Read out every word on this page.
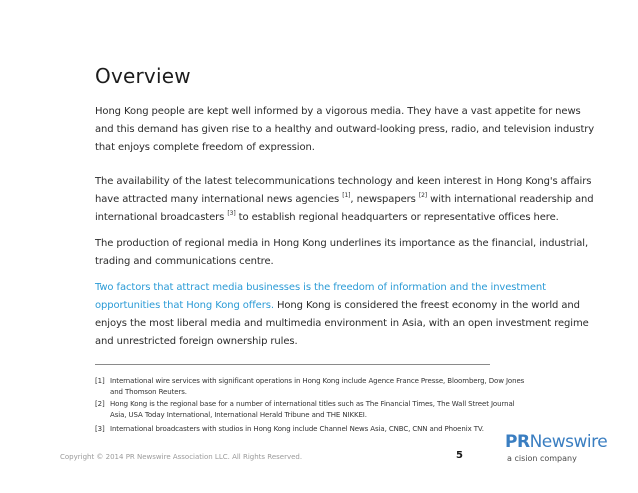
Overview
Hong Kong people are kept well informed by a vigorous media. They have a vast appetite for news and this demand has given rise to a healthy and outward-looking press, radio, and television industry that enjoys complete freedom of expression.
The availability of the latest telecommunications technology and keen interest in Hong Kong's affairs have attracted many international news agencies [1], newspapers [2] with international readership and international broadcasters [3] to establish regional headquarters or representative offices here.
The production of regional media in Hong Kong underlines its importance as the financial, industrial, trading and communications centre.
Two factors that attract media businesses is the freedom of information and the investment opportunities that Hong Kong offers. Hong Kong is considered the freest economy in the world and enjoys the most liberal media and multimedia environment in Asia, with an open investment regime and unrestricted foreign ownership rules.
[1] International wire services with significant operations in Hong Kong include Agence France Presse, Bloomberg, Dow Jones and Thomson Reuters.
[2] Hong Kong is the regional base for a number of international titles such as The Financial Times, The Wall Street Journal Asia, USA Today International, International Herald Tribune and THE NIKKEI.
[3] International broadcasters with studios in Hong Kong include Channel News Asia, CNBC, CNN and Phoenix TV.
Copyright © 2014 PR Newswire Association LLC. All Rights Reserved.	5
PRNewswire
a cision company
